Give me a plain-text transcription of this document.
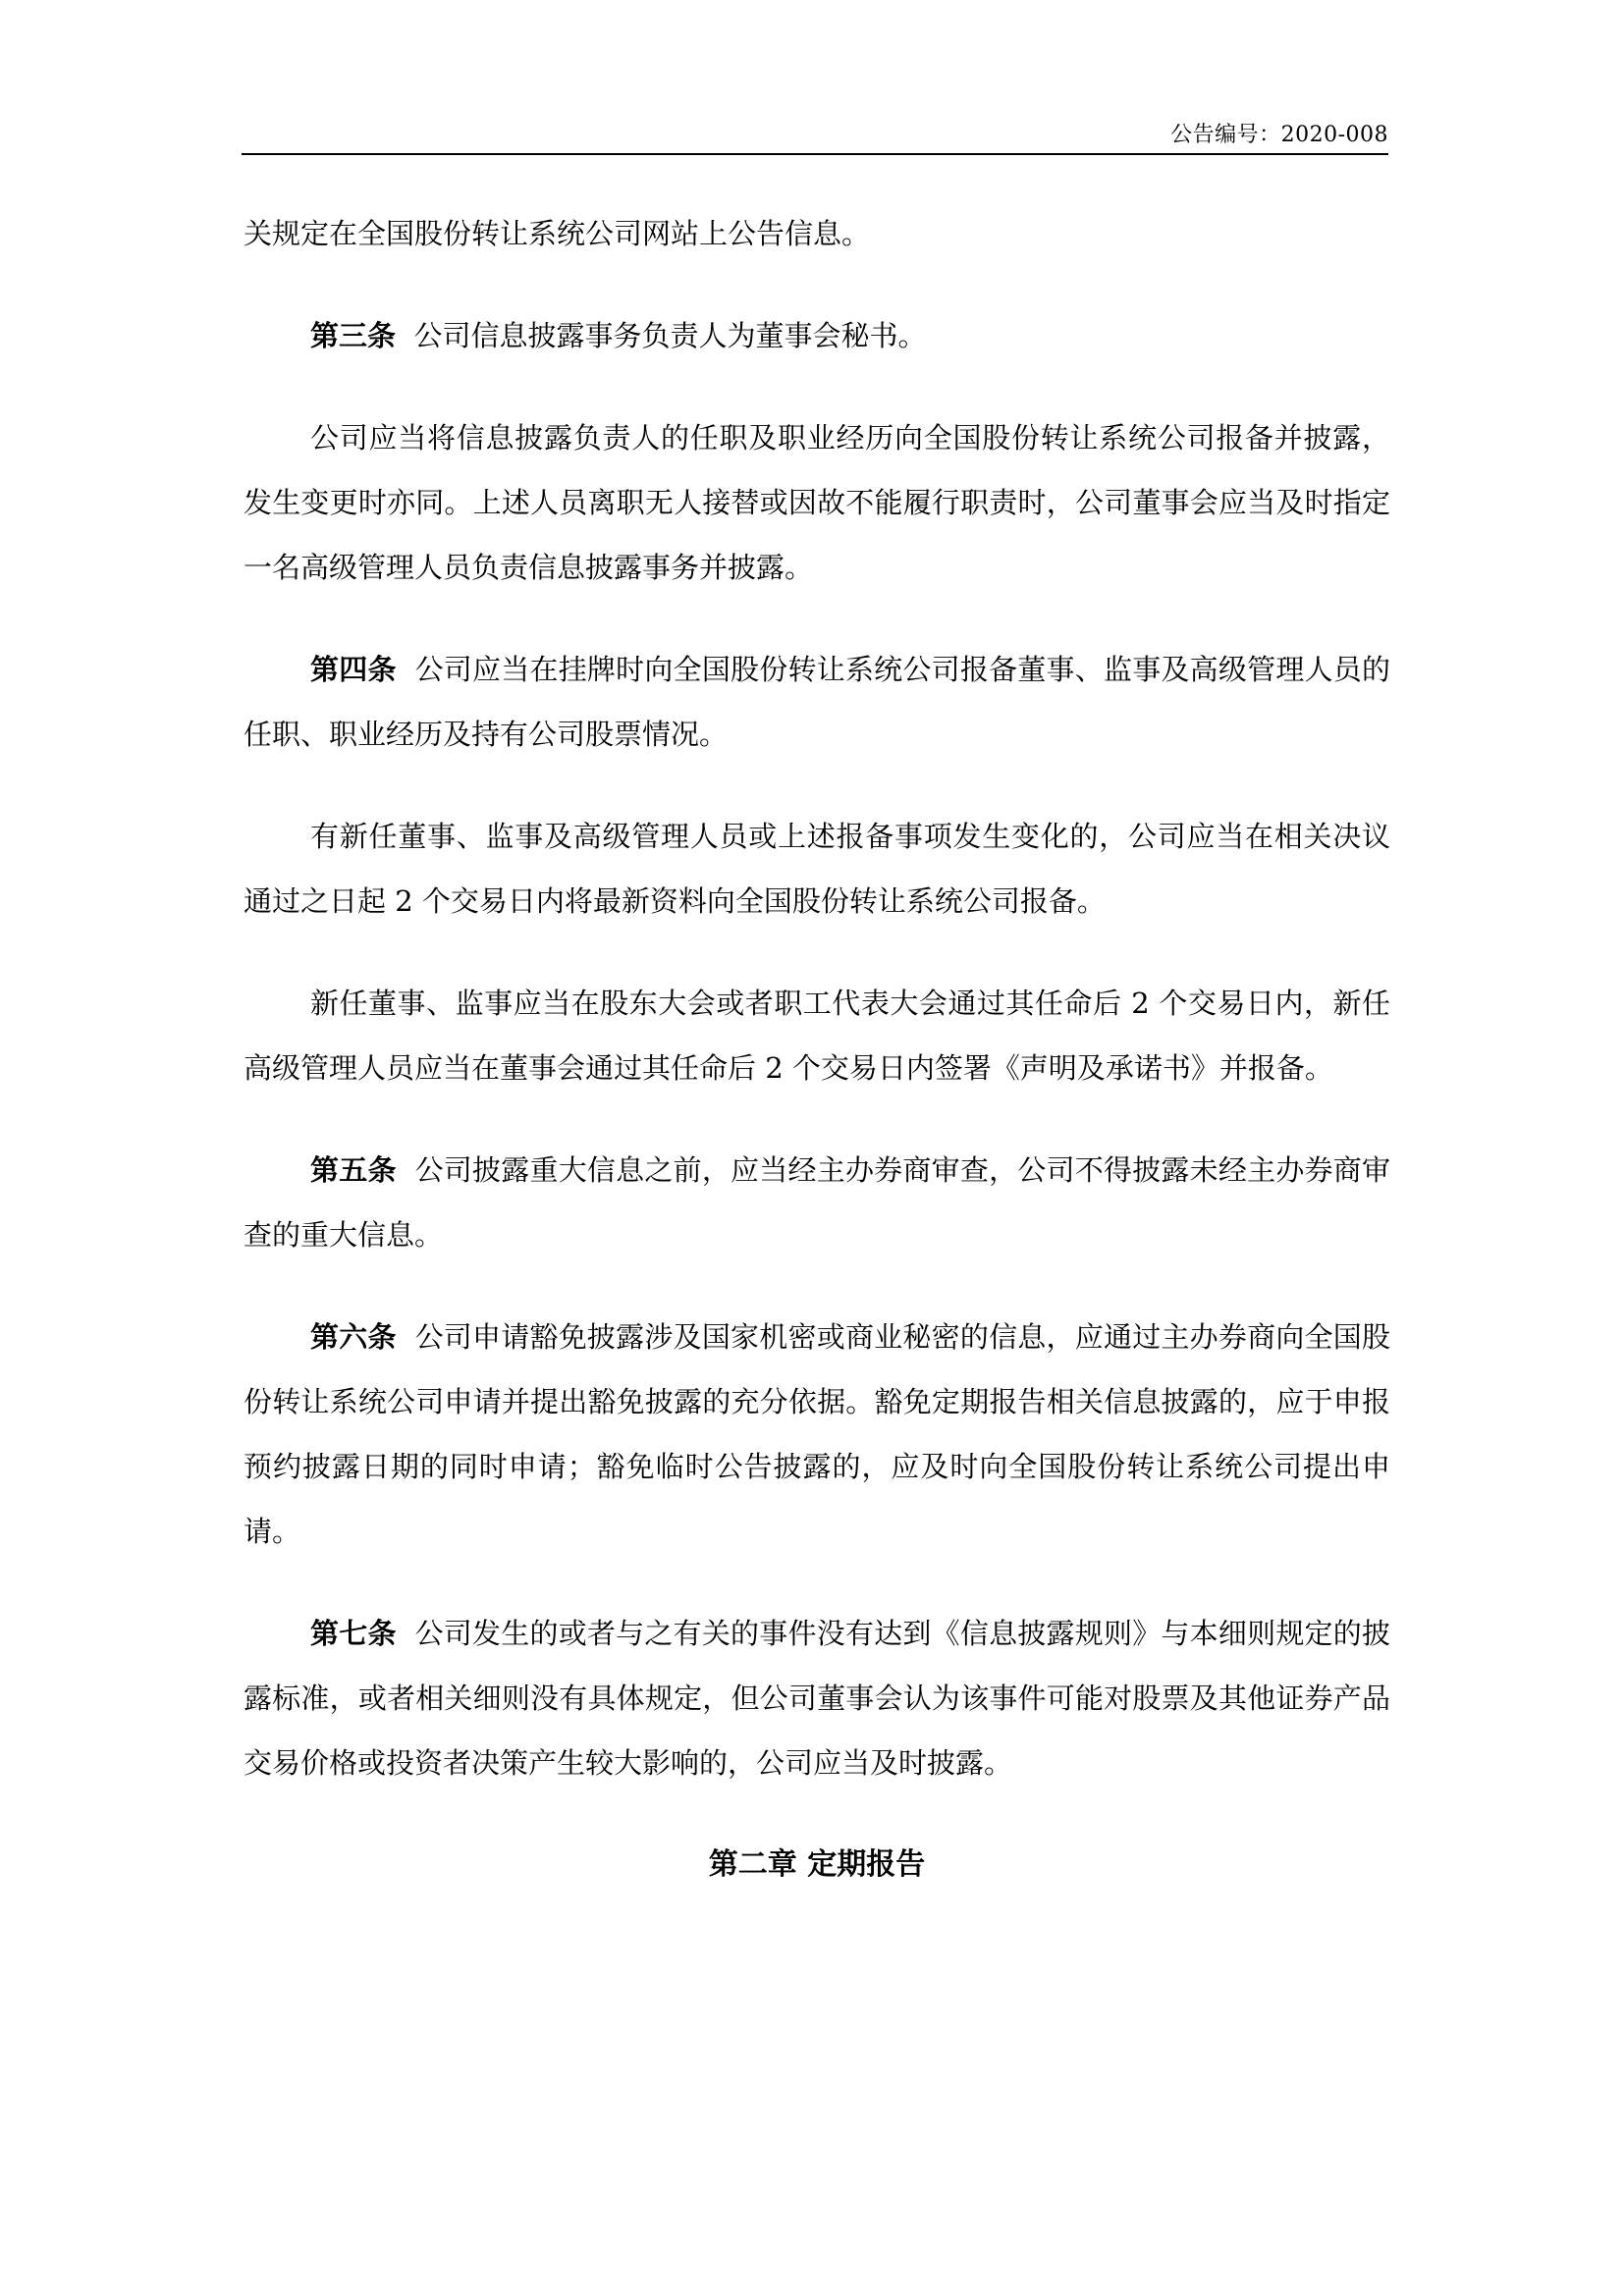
公告编号：2020-008

关规定在全国股份转让系统公司网站上公告信息。

第三条 公司信息披露事务负责人为董事会秘书。

公司应当将信息披露负责人的任职及职业经历向全国股份转让系统公司报备并披露，发生变更时亦同。上述人员离职无人接替或因故不能履行职责时，公司董事会应当及时指定一名高级管理人员负责信息披露事务并披露。

第四条 公司应当在挂牌时向全国股份转让系统公司报备董事、监事及高级管理人员的任职、职业经历及持有公司股票情况。

有新任董事、监事及高级管理人员或上述报备事项发生变化的，公司应当在相关决议通过之日起 2 个交易日内将最新资料向全国股份转让系统公司报备。

新任董事、监事应当在股东大会或者职工代表大会通过其任命后 2 个交易日内，新任高级管理人员应当在董事会通过其任命后 2 个交易日内签署《声明及承诺书》并报备。

第五条 公司披露重大信息之前，应当经主办券商审查，公司不得披露未经主办券商审查的重大信息。

第六条 公司申请豁免披露涉及国家机密或商业秘密的信息，应通过主办券商向全国股份转让系统公司申请并提出豁免披露的充分依据。豁免定期报告相关信息披露的，应于申报预约披露日期的同时申请；豁免临时公告披露的，应及时向全国股份转让系统公司提出申请。

第七条 公司发生的或者与之有关的事件没有达到《信息披露规则》与本细则规定的披露标准，或者相关细则没有具体规定，但公司董事会认为该事件可能对股票及其他证券产品交易价格或投资者决策产生较大影响的，公司应当及时披露。

第二章 定期报告
